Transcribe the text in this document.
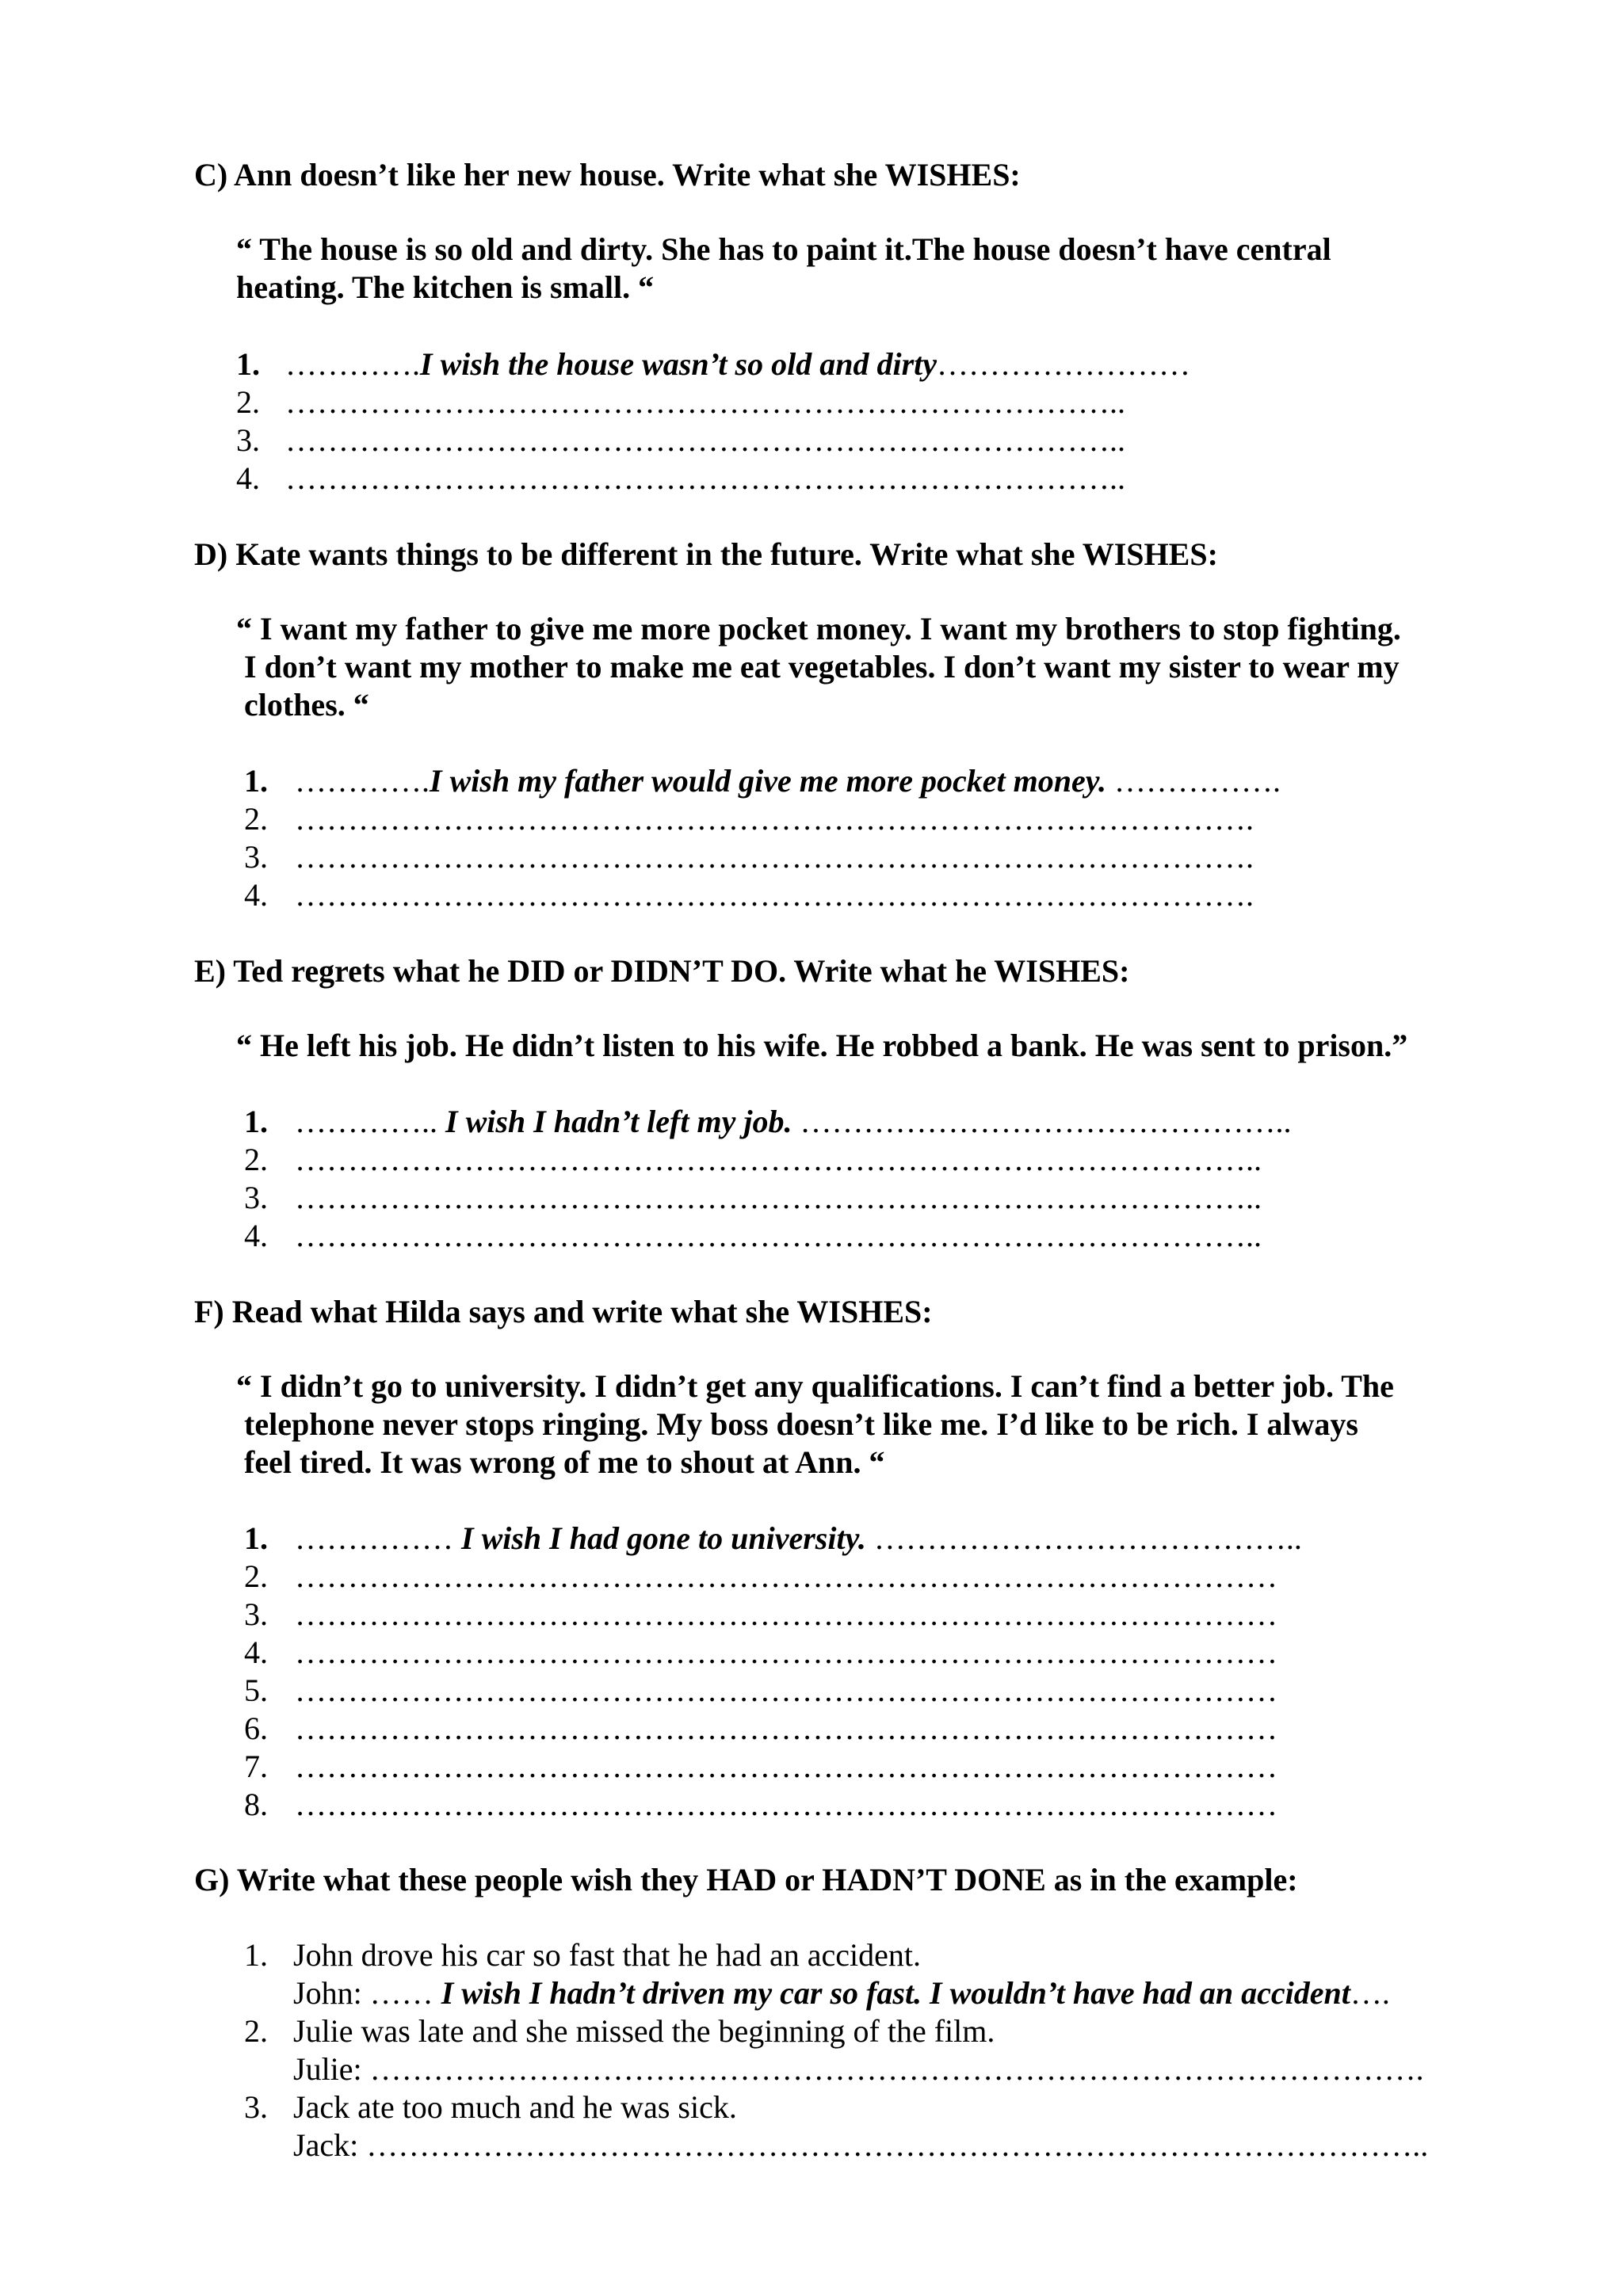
C) Ann doesn’t like her new house. Write what she WISHES:
“ The house is so old and dirty. She has to paint it.The house doesn’t have central
heating. The kitchen is small. “
1. ………….I wish the house wasn’t so old and dirty……………………
2. ……………………………………………………………………..
3. ……………………………………………………………………..
4. ……………………………………………………………………..
D) Kate wants things to be different in the future. Write what she WISHES:
“ I want my father to give me more pocket money. I want my brothers to stop fighting.
I don’t want my mother to make me eat vegetables. I don’t want my sister to wear my
clothes. “
1. ………….I wish my father would give me more pocket money. …………….
2. ……………………………………………………………………………….
3. ……………………………………………………………………………….
4. ……………………………………………………………………………….
E) Ted regrets what he DID or DIDN’T DO. Write what he WISHES:
“ He left his job. He didn’t listen to his wife. He robbed a bank. He was sent to prison.”
1. ………….. I wish I hadn’t left my job. ………………………………………..
2. ………………………………………………………………………………..
3. ………………………………………………………………………………..
4. ………………………………………………………………………………..
F) Read what Hilda says and write what she WISHES:
“ I didn’t go to university. I didn’t get any qualifications. I can’t find a better job. The
telephone never stops ringing. My boss doesn’t like me. I’d like to be rich. I always
feel tired. It was wrong of me to shout at Ann. “
1. …………… I wish I had gone to university. …………………………………..
2. …………………………………………………………………………………
3. …………………………………………………………………………………
4. …………………………………………………………………………………
5. …………………………………………………………………………………
6. …………………………………………………………………………………
7. …………………………………………………………………………………
8. …………………………………………………………………………………
G) Write what these people wish they HAD or HADN’T DONE as in the example:
1. John drove his car so fast that he had an accident.
John: …… I wish I hadn’t driven my car so fast. I wouldn’t have had an accident….
2. Julie was late and she missed the beginning of the film.
Julie: ……………………………………………………………………………………….
3. Jack ate too much and he was sick.
Jack: ………………………………………………………………………………………..
